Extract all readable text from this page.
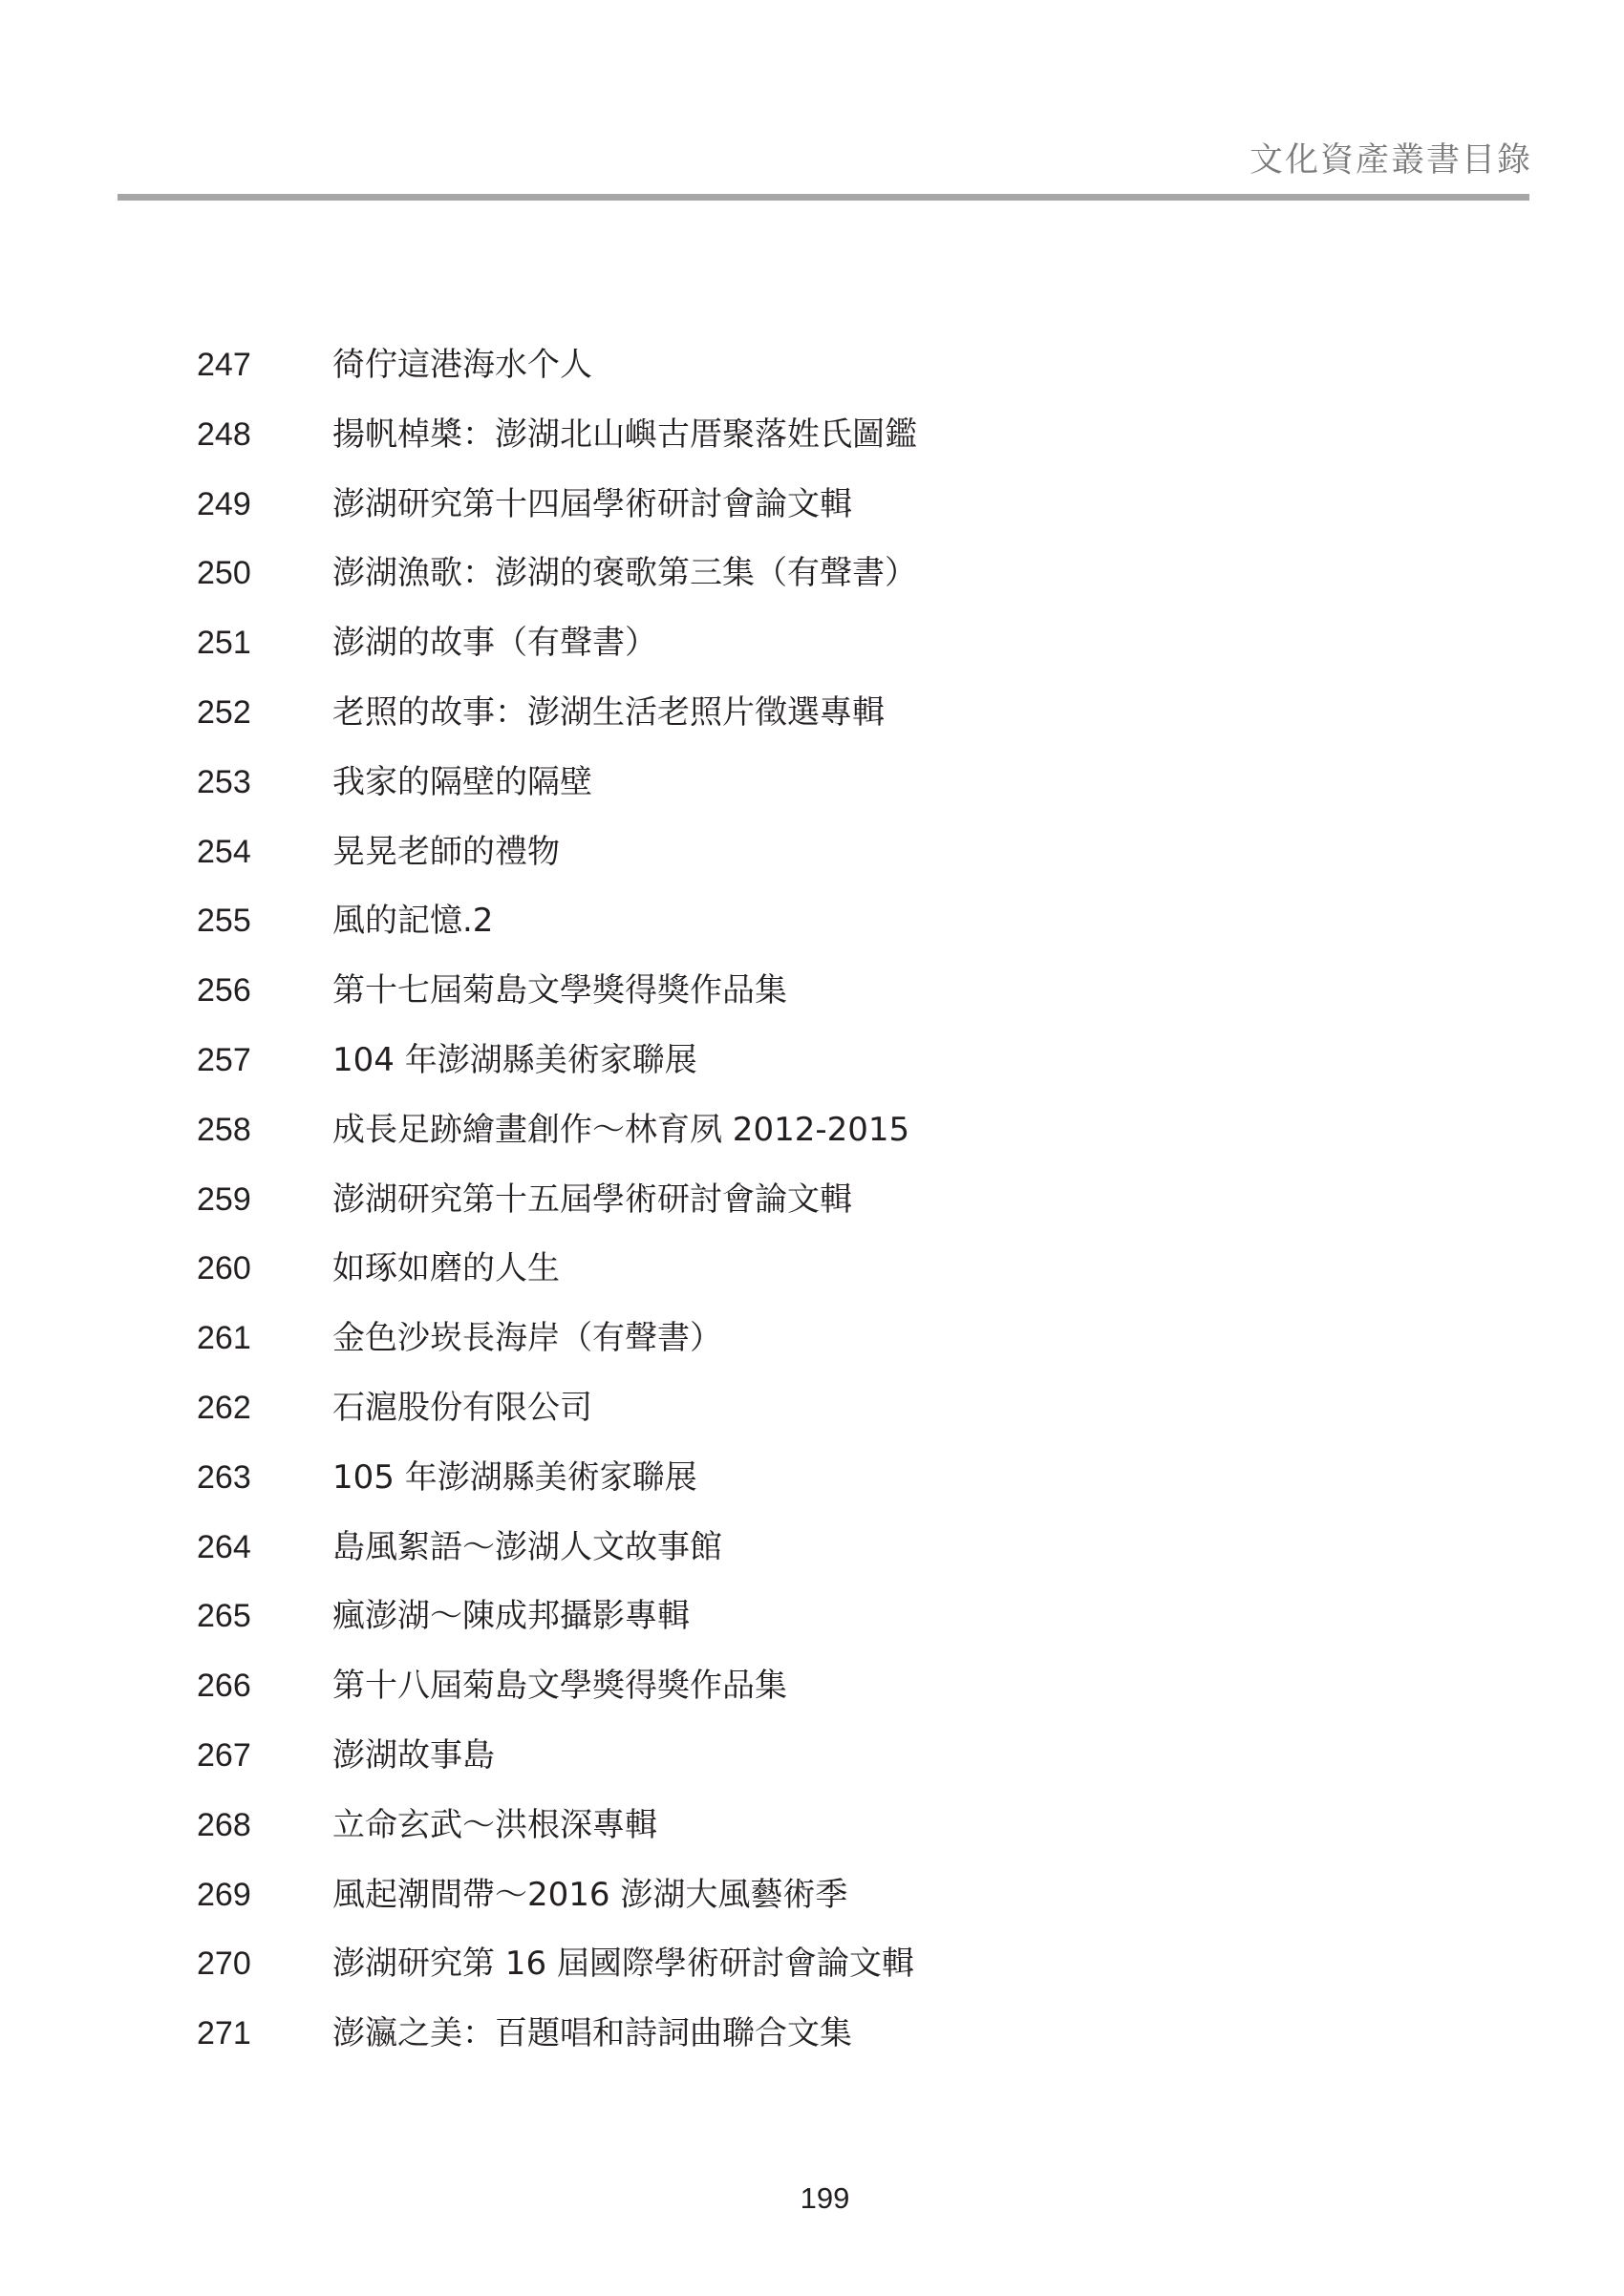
文化資產叢書目錄
247	徛佇這港海水个人
248	揚帆棹槳：澎湖北山嶼古厝聚落姓氏圖鑑
249	澎湖研究第十四屆學術研討會論文輯
250	澎湖漁歌：澎湖的褒歌第三集（有聲書）
251	澎湖的故事（有聲書）
252	老照的故事：澎湖生活老照片徵選專輯
253	我家的隔壁的隔壁
254	晃晃老師的禮物
255	風的記憶.2
256	第十七屆菊島文學獎得獎作品集
257	104 年澎湖縣美術家聯展
258	成長足跡繪畫創作～林育夙 2012-2015
259	澎湖研究第十五屆學術研討會論文輯
260	如琢如磨的人生
261	金色沙崁長海岸（有聲書）
262	石滬股份有限公司
263	105 年澎湖縣美術家聯展
264	島風絮語～澎湖人文故事館
265	瘋澎湖～陳成邦攝影專輯
266	第十八屆菊島文學獎得獎作品集
267	澎湖故事島
268	立命玄武～洪根深專輯
269	風起潮間帶～2016 澎湖大風藝術季
270	澎湖研究第 16 屆國際學術研討會論文輯
271	澎瀛之美：百題唱和詩詞曲聯合文集
199
